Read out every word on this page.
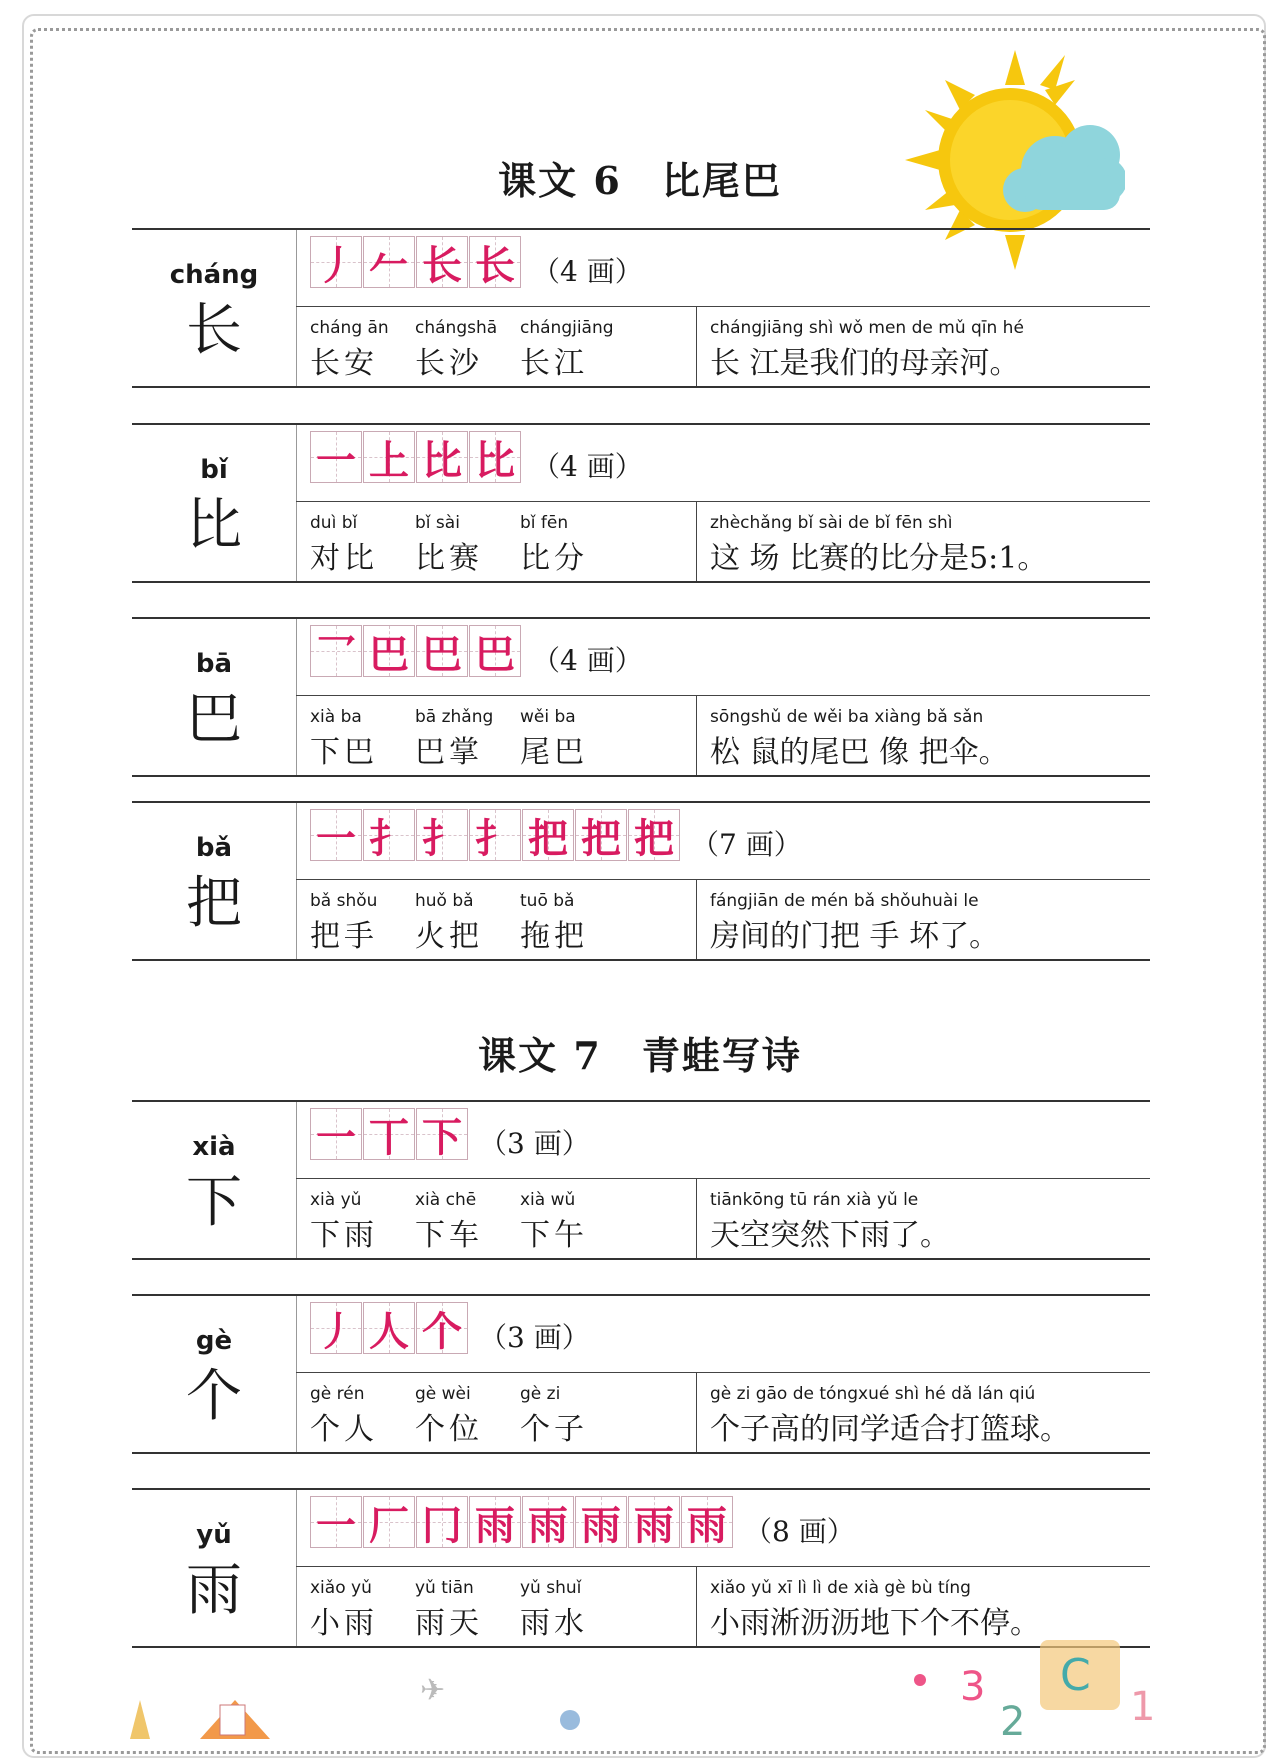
课文 6 比尾巴
课文 7 青蛙写诗
cháng
长
丿 𠂉 长 长 （4 画）
cháng ān
长安
chángshā
长沙
chángjiāng
长江
chángjiāng shì wǒ men de mǔ qīn hé
长 江是我们的母亲河。
bǐ
比
一 上 比 比 （4 画）
duì bǐ
对比
bǐ sài
比赛
bǐ fēn
比分
zhèchǎng bǐ sài de bǐ fēn shì
这 场 比赛的比分是5:1。
bā
巴
乛 巴 巴 巴 （4 画）
xià ba
下巴
bā zhǎng
巴掌
wěi ba
尾巴
sōngshǔ de wěi ba xiàng bǎ sǎn
松 鼠的尾巴 像 把伞。
bǎ
把
一 扌 扌 扌 把 把 把 （7 画）
bǎ shǒu
把手
huǒ bǎ
火把
tuō bǎ
拖把
fángjiān de mén bǎ shǒuhuài le
房间的门把 手 坏了。
xià
下
一 丅 下 （3 画）
xià yǔ
下雨
xià chē
下车
xià wǔ
下午
tiānkōng tū rán xià yǔ le
天空突然下雨了。
gè
个
丿 人 个 （3 画）
gè rén
个人
gè wèi
个位
gè zi
个子
gè zi gāo de tóngxué shì hé dǎ lán qiú
个子高的同学适合打篮球。
yǔ
雨
一 厂 冂 雨 雨 雨 雨 雨 （8 画）
xiǎo yǔ
小雨
yǔ tiān
雨天
yǔ shuǐ
雨水
xiǎo yǔ xī lì lì de xià gè bù tíng
小雨淅沥沥地下个不停。
✈	3
2	1
C
